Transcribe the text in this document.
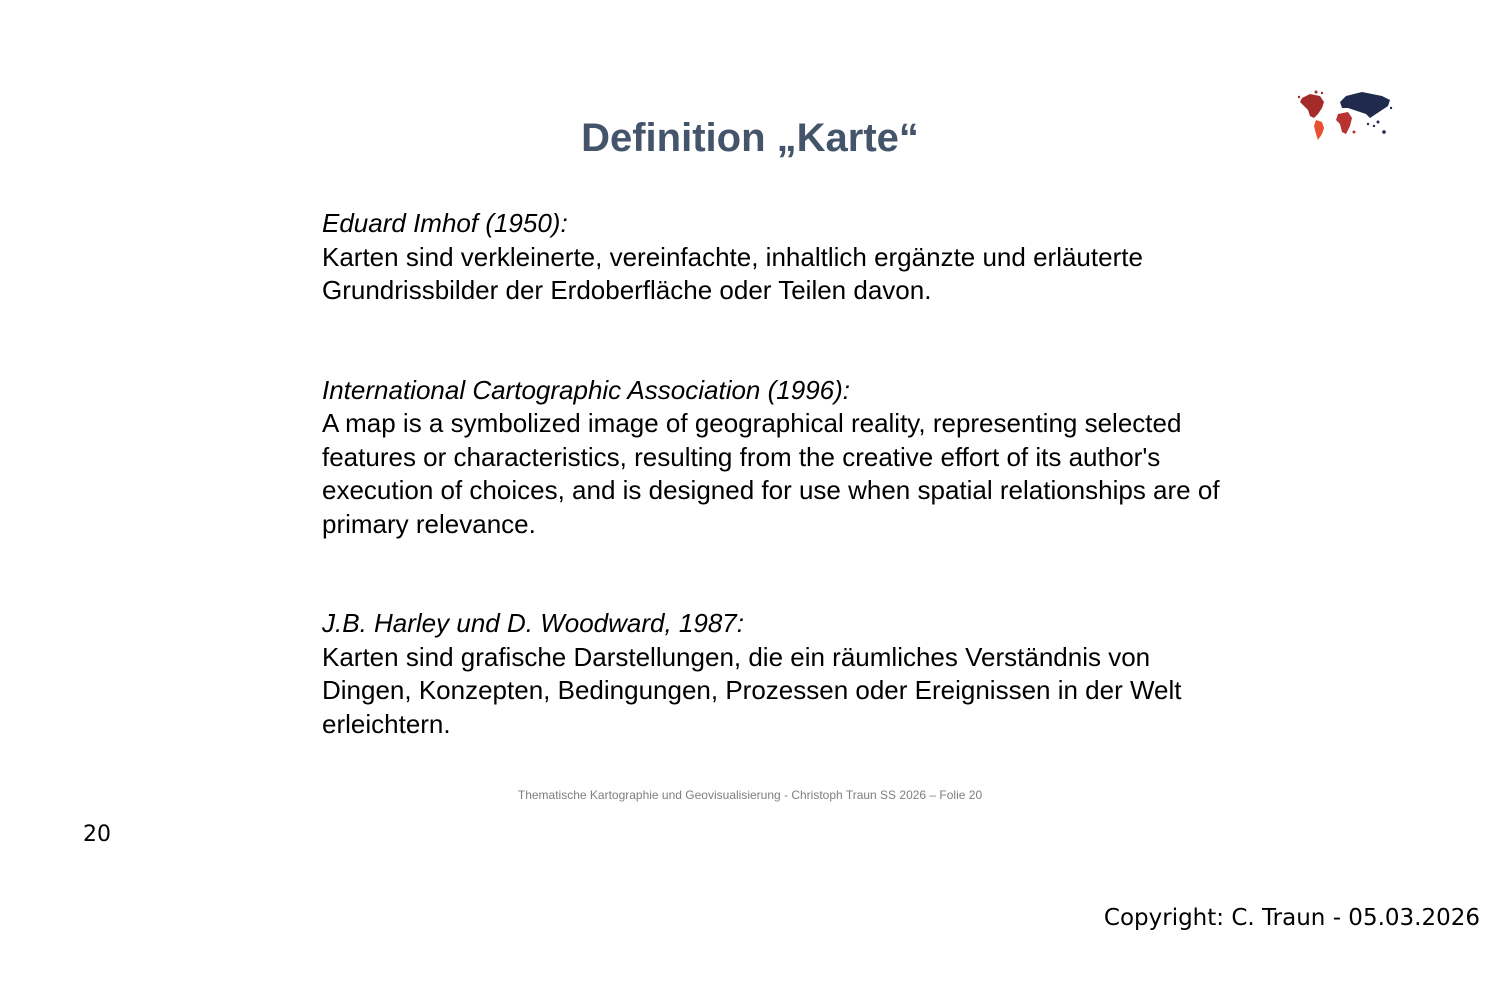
Definition „Karte“

Eduard Imhof (1950):
Karten sind verkleinerte, vereinfachte, inhaltlich ergänzte und erläuterte Grundrissbilder der Erdoberfläche oder Teilen davon.

International Cartographic Association (1996):
A map is a symbolized image of geographical reality, representing selected features or characteristics, resulting from the creative effort of its author's execution of choices, and is designed for use when spatial relationships are of primary relevance.

J.B. Harley und D. Woodward, 1987:
Karten sind grafische Darstellungen, die ein räumliches Verständnis von Dingen, Konzepten, Bedingungen, Prozessen oder Ereignissen in der Welt erleichtern.

Thematische Kartographie und Geovisualisierung - Christoph Traun SS 2026 – Folie 20
20
Copyright: C. Traun - 05.03.2026
